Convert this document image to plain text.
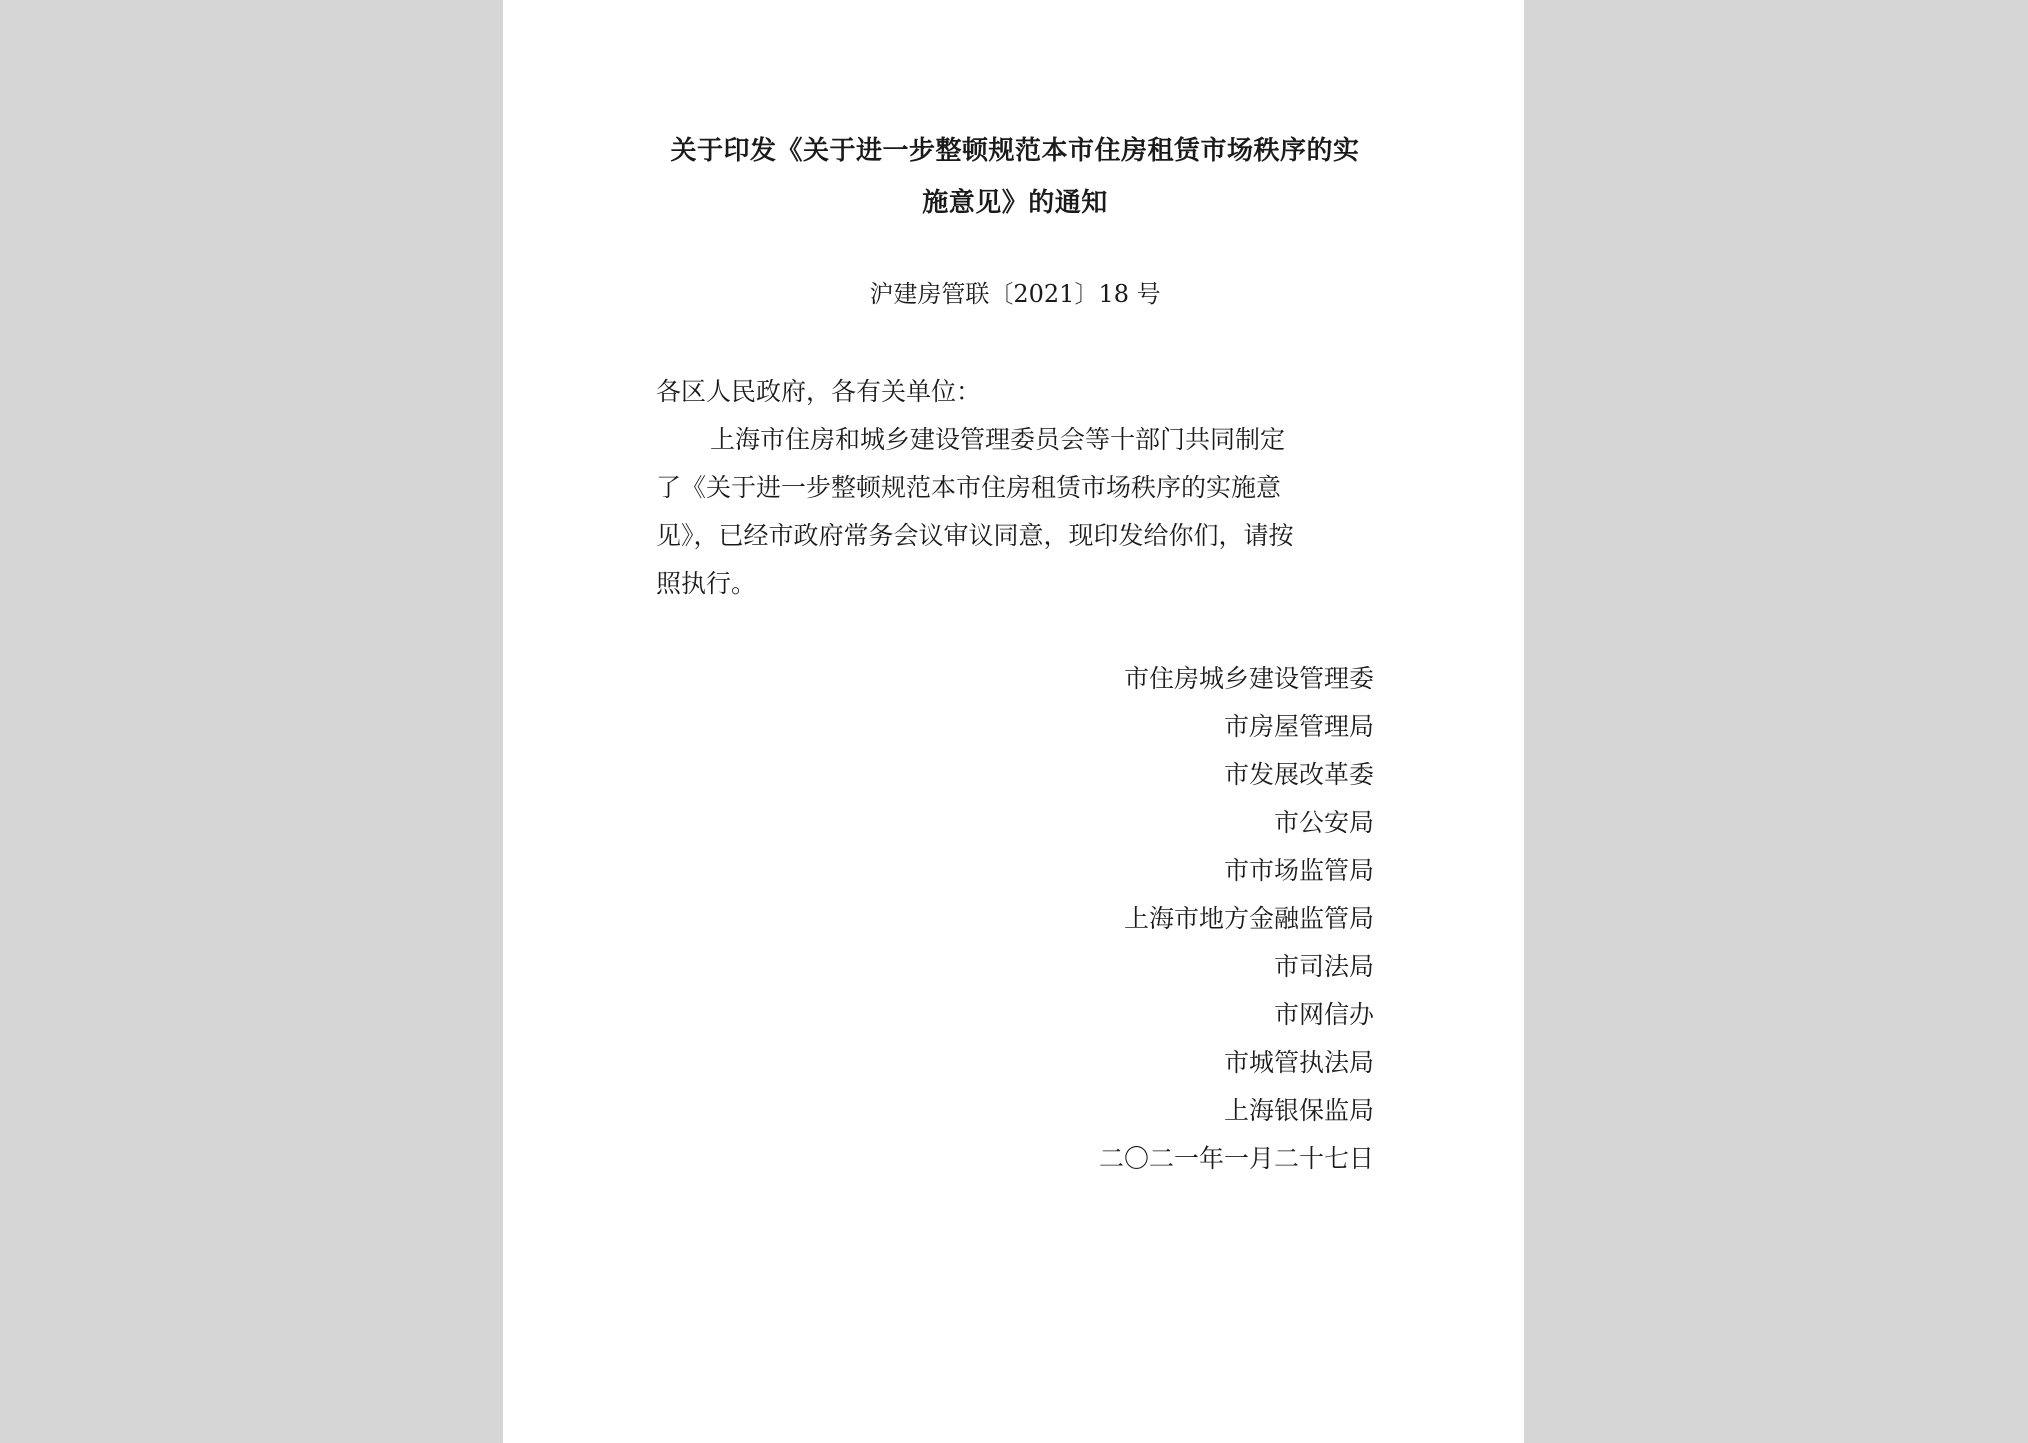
关于印发《关于进一步整顿规范本市住房租赁市场秩序的实
施意见》的通知
沪建房管联〔2021〕18 号
各区人民政府，各有关单位：
上海市住房和城乡建设管理委员会等十部门共同制定
了《关于进一步整顿规范本市住房租赁市场秩序的实施意
见》，已经市政府常务会议审议同意，现印发给你们，请按
照执行。
市住房城乡建设管理委
市房屋管理局
市发展改革委
市公安局
市市场监管局
上海市地方金融监管局
市司法局
市网信办
市城管执法局
上海银保监局
二〇二一年一月二十七日
